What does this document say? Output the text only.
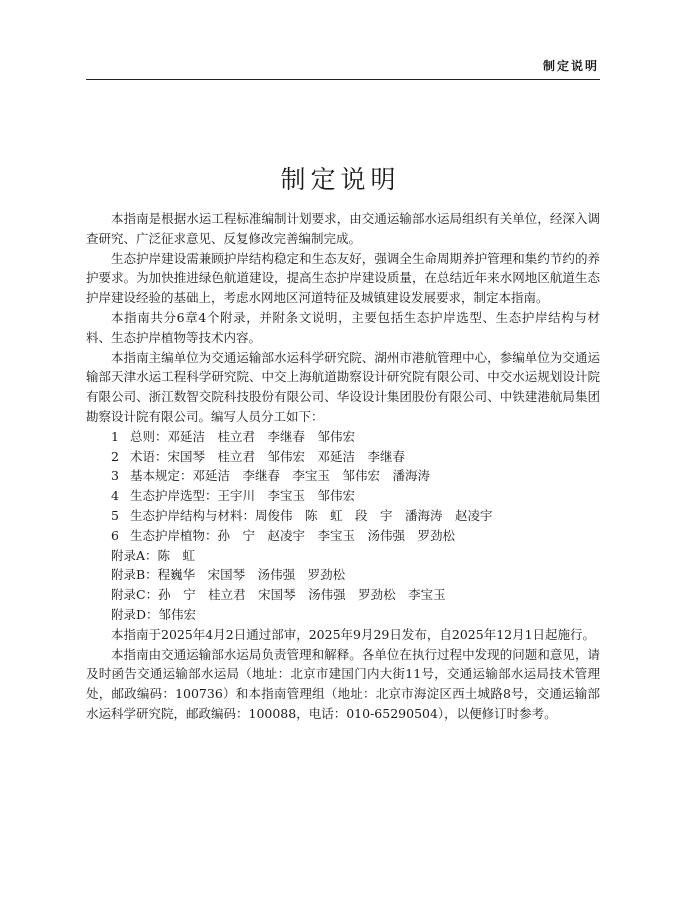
制定说明
制定说明

本指南是根据水运工程标准编制计划要求，由交通运输部水运局组织有关单位，经深入调查研究、广泛征求意见、反复修改完善编制完成。

生态护岸建设需兼顾护岸结构稳定和生态友好，强调全生命周期养护管理和集约节约的养护要求。为加快推进绿色航道建设，提高生态护岸建设质量，在总结近年来水网地区航道生态护岸建设经验的基础上，考虑水网地区河道特征及城镇建设发展要求，制定本指南。

本指南共分6章4个附录，并附条文说明，主要包括生态护岸选型、生态护岸结构与材料、生态护岸植物等技术内容。

本指南主编单位为交通运输部水运科学研究院、湖州市港航管理中心，参编单位为交通运输部天津水运工程科学研究院、中交上海航道勘察设计研究院有限公司、中交水运规划设计院有限公司、浙江数智交院科技股份有限公司、华设设计集团股份有限公司、中铁建港航局集团勘察设计院有限公司。编写人员分工如下：

1 总则：邓延洁　桂立君　李继春　邹伟宏
2 术语：宋国琴　桂立君　邹伟宏　邓延洁　李继春
3 基本规定：邓延洁　李继春　李宝玉　邹伟宏　潘海涛
4 生态护岸选型：王宇川　李宝玉　邹伟宏
5 生态护岸结构与材料：周俊伟　陈　虹　段　宇　潘海涛　赵凌宇
6 生态护岸植物：孙　宁　赵凌宇　李宝玉　汤伟强　罗劲松
附录A：陈　虹
附录B：程巍华　宋国琴　汤伟强　罗劲松
附录C：孙　宁　桂立君　宋国琴　汤伟强　罗劲松　李宝玉
附录D：邹伟宏

本指南于2025年4月2日通过部审，2025年9月29日发布，自2025年12月1日起施行。

本指南由交通运输部水运局负责管理和解释。各单位在执行过程中发现的问题和意见，请及时函告交通运输部水运局（地址：北京市建国门内大街11号，交通运输部水运局技术管理处，邮政编码：100736）和本指南管理组（地址：北京市海淀区西土城路8号，交通运输部水运科学研究院，邮政编码：100088，电话：010-65290504），以便修订时参考。
